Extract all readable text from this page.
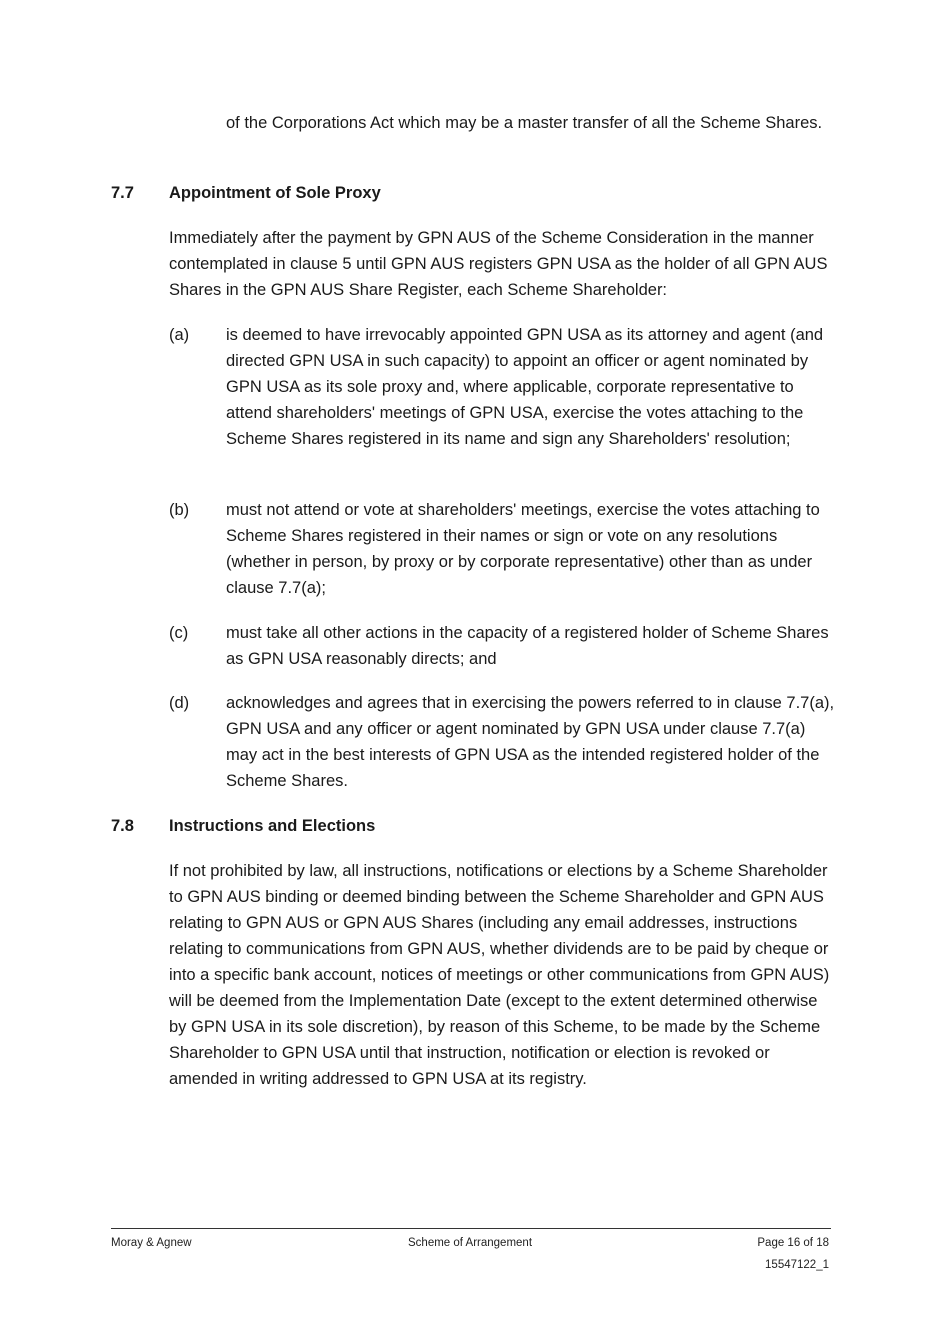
of the Corporations Act which may be a master transfer of all the Scheme Shares.

7.7 Appointment of Sole Proxy

Immediately after the payment by GPN AUS of the Scheme Consideration in the manner contemplated in clause 5 until GPN AUS registers GPN USA as the holder of all GPN AUS Shares in the GPN AUS Share Register, each Scheme Shareholder:

(a) is deemed to have irrevocably appointed GPN USA as its attorney and agent (and directed GPN USA in such capacity) to appoint an officer or agent nominated by GPN USA as its sole proxy and, where applicable, corporate representative to attend shareholders' meetings of GPN USA, exercise the votes attaching to the Scheme Shares registered in its name and sign any Shareholders' resolution;

(b) must not attend or vote at shareholders' meetings, exercise the votes attaching to Scheme Shares registered in their names or sign or vote on any resolutions (whether in person, by proxy or by corporate representative) other than as under clause 7.7(a);

(c) must take all other actions in the capacity of a registered holder of Scheme Shares as GPN USA reasonably directs; and

(d) acknowledges and agrees that in exercising the powers referred to in clause 7.7(a), GPN USA and any officer or agent nominated by GPN USA under clause 7.7(a) may act in the best interests of GPN USA as the intended registered holder of the Scheme Shares.

7.8 Instructions and Elections

If not prohibited by law, all instructions, notifications or elections by a Scheme Shareholder to GPN AUS binding or deemed binding between the Scheme Shareholder and GPN AUS relating to GPN AUS or GPN AUS Shares (including any email addresses, instructions relating to communications from GPN AUS, whether dividends are to be paid by cheque or into a specific bank account, notices of meetings or other communications from GPN AUS) will be deemed from the Implementation Date (except to the extent determined otherwise by GPN USA in its sole discretion), by reason of this Scheme, to be made by the Scheme Shareholder to GPN USA until that instruction, notification or election is revoked or amended in writing addressed to GPN USA at its registry.

Moray & Agnew	Scheme of Arrangement	Page 16 of 18
15547122_1
